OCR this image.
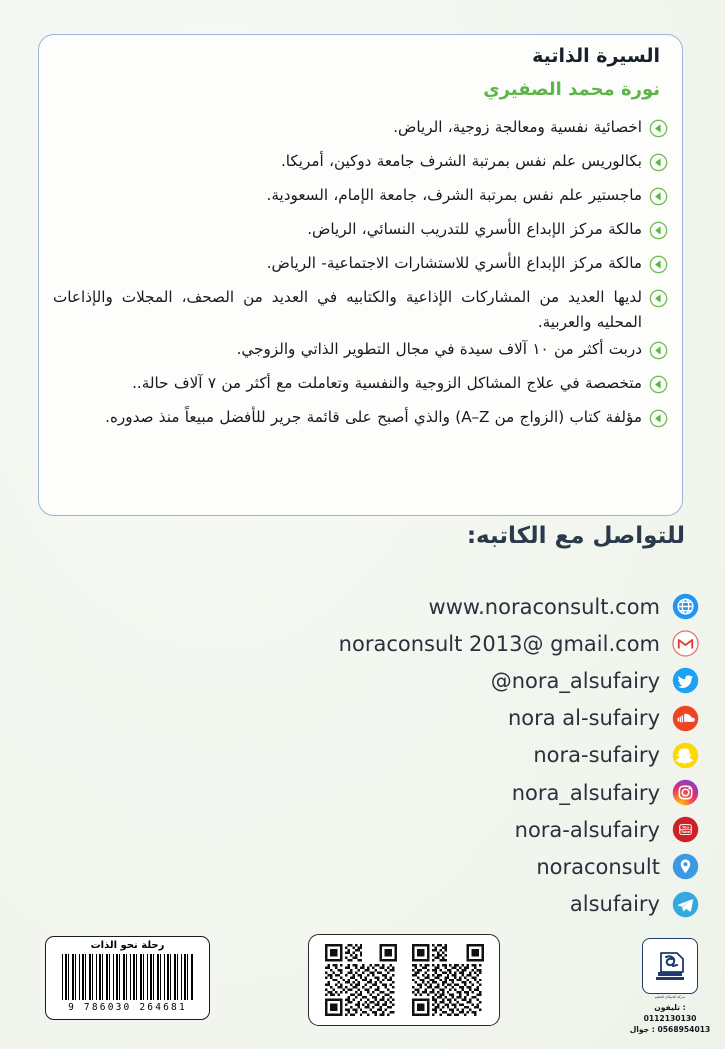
السيرة الذاتية
نورة محمد الصفيري
اخصائية نفسية ومعالجة زوجية، الرياض.
بكالوريس علم نفس بمرتبة الشرف جامعة دوكين، أمريكا.
ماجستير علم نفس بمرتبة الشرف، جامعة الإمام، السعودية.
مالكة مركز الإبداع الأسري للتدريب النسائي، الرياض.
مالكة مركز الإبداع الأسري للاستشارات الاجتماعية- الرياض.
لديها العديد من المشاركات الإذاعية والكتابيه في العديد من الصحف، المجلات والإذاعات المحليه والعربية.
دربت أكثر من ١٠ آلاف سيدة في مجال التطوير الذاتي والزوجي.
متخصصة في علاج المشاكل الزوجية والنفسية وتعاملت مع أكثر من ٧ آلاف حالة..
مؤلفة كتاب (الزواج من A–Z) والذي أصبح على قائمة جرير للأفضل مبيعاً منذ صدوره.
للتواصل مع الكاتبه:
www.noraconsult.com
noraconsult 2013@ gmail.com
@nora_alsufairy
nora al-sufairy
nora-sufairy
nora_alsufairy
You
Tube
nora-alsufairy
noraconsult
alsufairy
رحلة نحو الذات
9 786030 264681
شركة العبيكان للتعليم
تليفون : 0112130130
جوال : 0568954013
